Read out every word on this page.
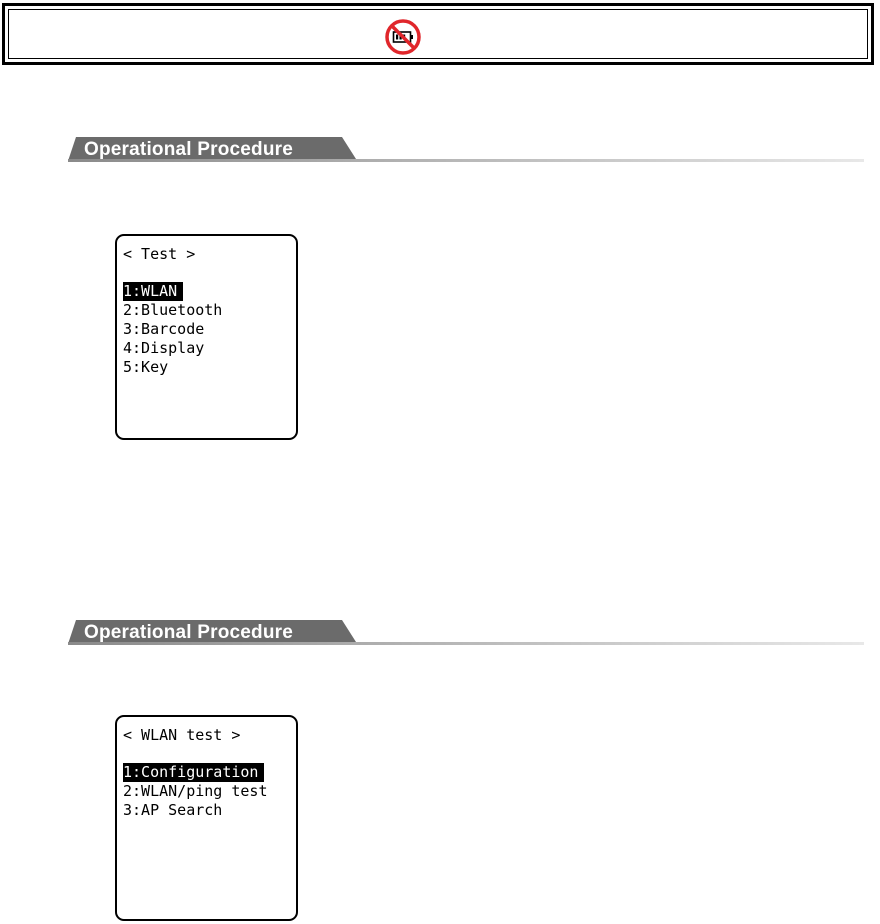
Operational Procedure
< Test >
1:WLAN
2:Bluetooth
3:Barcode
4:Display
5:Key
Operational Procedure
< WLAN test >
1:Configuration
2:WLAN/ping test
3:AP Search
